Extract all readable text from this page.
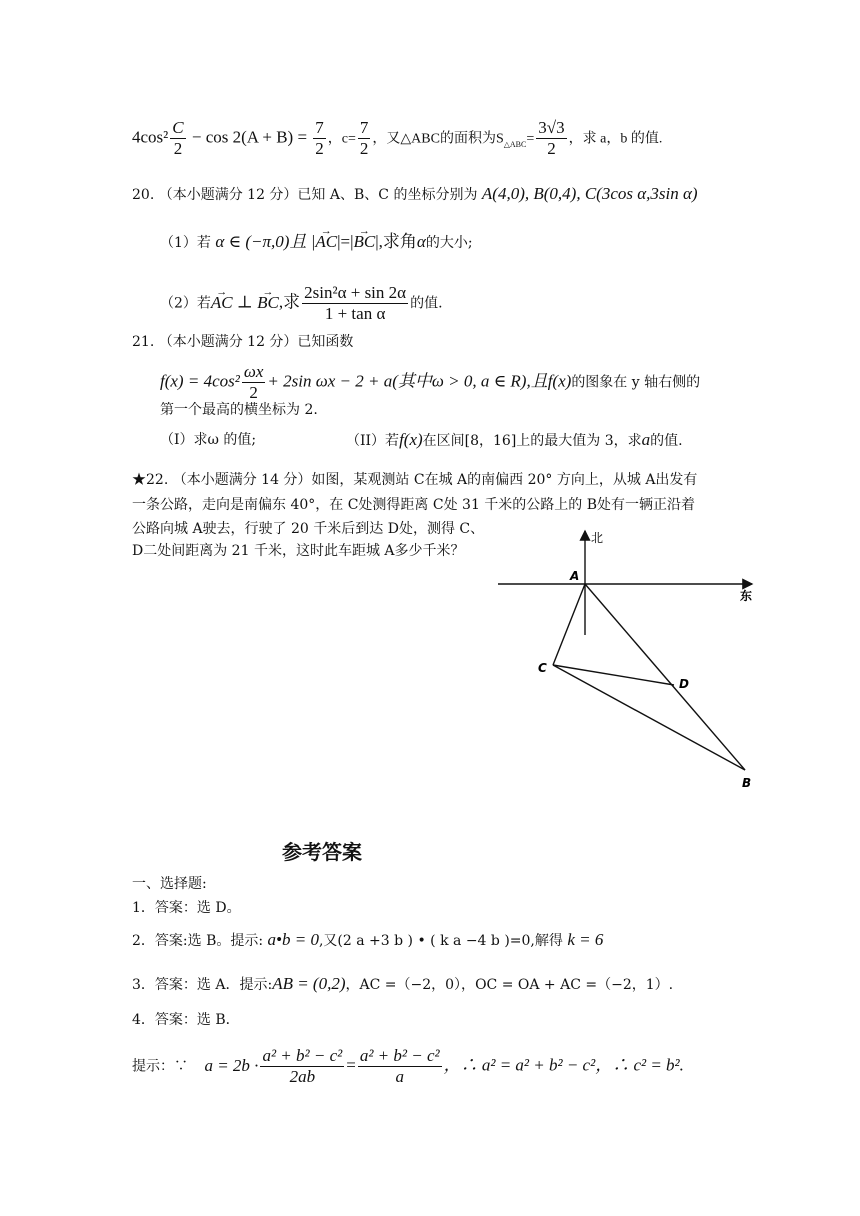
$4\cos^2 \frac{C}{2} - \cos 2(A + B) = \frac{7}{2}$ ，$c= \frac{7}{2}$ ，又△ABC的面积为$S_{\triangle ABC}= \frac{3√3}{2}$ ，求 a，b 的值.
20. （本小题满分 12 分）已知 A、B、C 的坐标分别为 A(4,0), B(0,4), C(3cos α,3sin α)
（1）若 α ∈ (−π,0)且 |→ AC|=|→ BC|,求角α的大小;
（2）若→ AC ⊥ → BC,求 $\frac{\text{2sin²α + sin 2α}}{\text{1 + tan α}}$ 的值.
21. （本小题满分 12 分）已知函数
$f(x) = 4\cos^2 \frac{\omega x}{2} + 2\sin$ ωx − 2 + a(其中ω > 0, a ∈ R),且f(x)的图象在 y 轴右侧的
第一个最高的横坐标为 2.
（I）求ω 的值;	（II）若f(x)在区间[8，16]上的最大值为 3，求a的值.
★22. （本小题满分 14 分）如图，某观测站 C在城 A的南偏西 20° 方向上，从城 A出发有
一条公路，走向是南偏东 40°，在 C处测得距离 C处 31 千米的公路上的 B处有一辆正沿着
公路向城 A驶去，行驶了 20 千米后到达 D处，测得 C、
D二处间距离为 21 千米，这时此车距城 A多少千米？
北
东
A
C
D
B
参考答案
一、选择题:
1．答案：选 D。
2．答案:选 B。提示: a•b = 0,又(2 a +3 b ) • ( k a −4 b )=0,解得 k = 6
3．答案：选 A．提示:AB = (0,2)，AC =（−2，0），OC = OA + AC =（−2，1）.
4．答案：选 B．
提示：∵ $a = 2b \cdot \frac{\text{a² + b² − c²}}{2ab} = \frac{\text{a² + b² − c²}}{a}$ ，∴ a² = a² + b² − c²，∴ c² = b².
